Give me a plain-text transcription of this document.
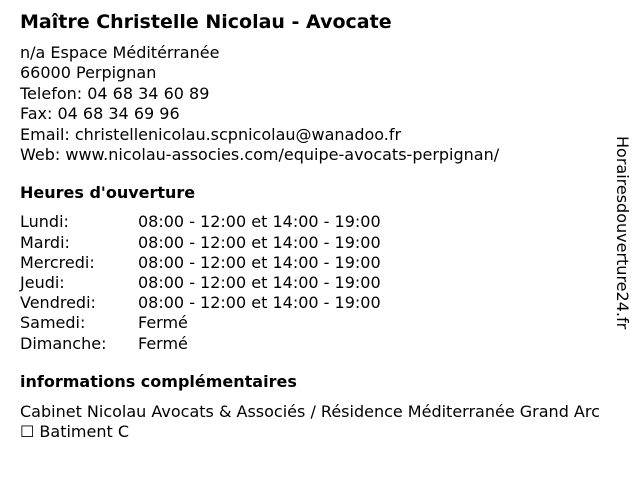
Maître Christelle Nicolau - Avocate
n/a Espace Méditérranée
66000 Perpignan
Telefon: 04 68 34 60 89
Fax: 04 68 34 69 96
Email: christellenicolau.scpnicolau@wanadoo.fr
Web: www.nicolau-associes.com/equipe-avocats-perpignan/
Heures d'ouverture
Lundi:	08:00 - 12:00 et 14:00 - 19:00
Mardi:	08:00 - 12:00 et 14:00 - 19:00
Mercredi:	08:00 - 12:00 et 14:00 - 19:00
Jeudi:	08:00 - 12:00 et 14:00 - 19:00
Vendredi:	08:00 - 12:00 et 14:00 - 19:00
Samedi:	Fermé
Dimanche:	Fermé
informations complémentaires
Cabinet Nicolau Avocats & Associés / Résidence Méditerranée Grand Arc ☐ Batiment C
Horairesdouverture24.fr
